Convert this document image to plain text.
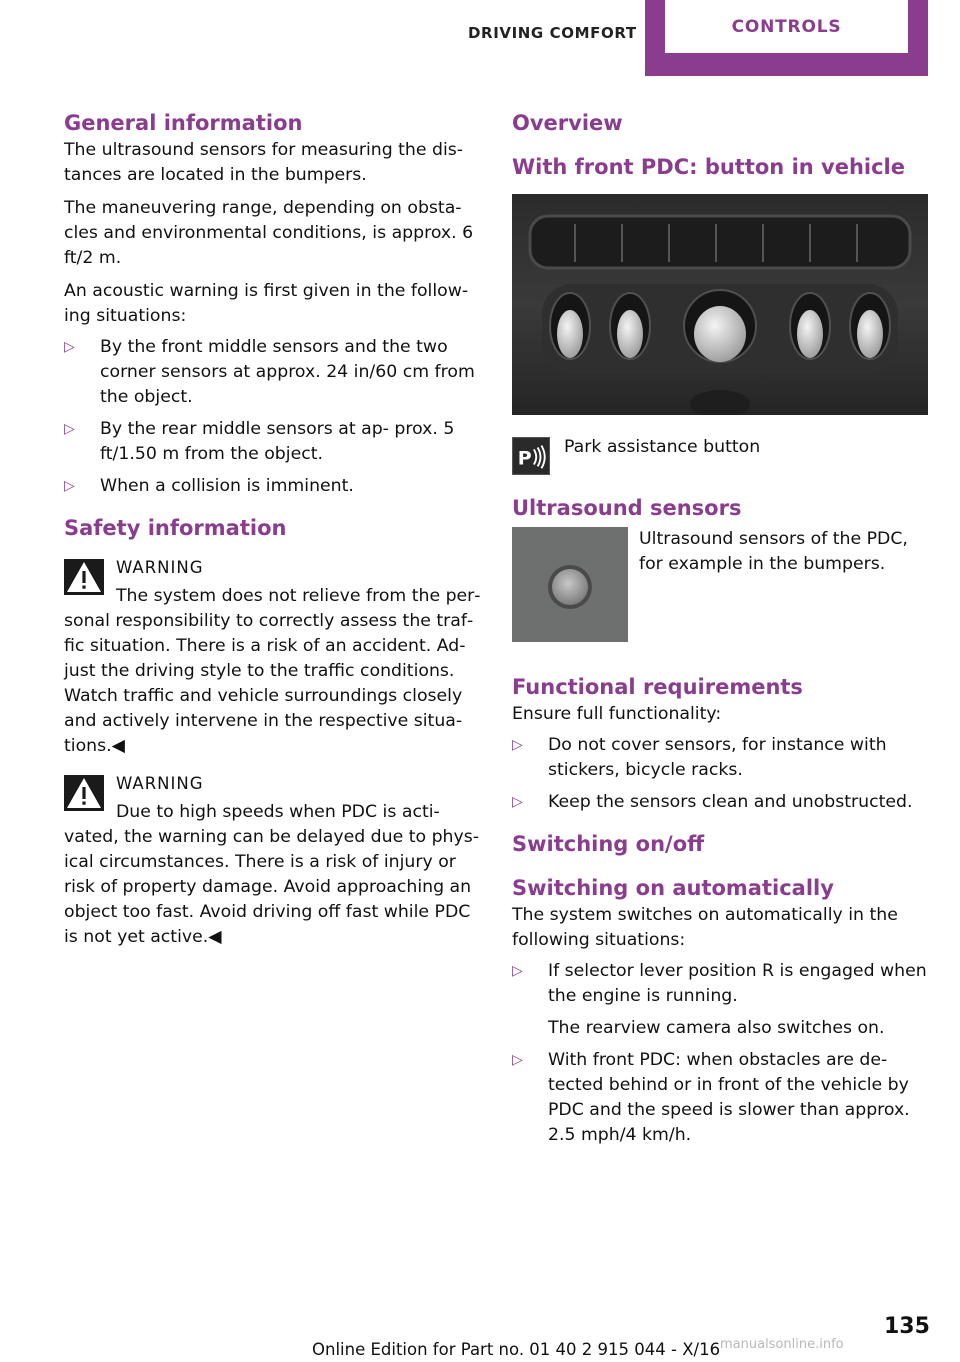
DRIVING COMFORT	CONTROLS
General information

The ultrasound sensors for measuring the dis‐ tances are located in the bumpers.

The maneuvering range, depending on obsta‐ cles and environmental conditions, is approx. 6 ft/2 m.

An acoustic warning is first given in the follow‐ ing situations:

▷ By the front middle sensors and the two corner sensors at approx. 24 in/60 cm from the object.
▷ By the rear middle sensors at ap‐ prox. 5 ft/1.50 m from the object.
▷ When a collision is imminent.
Safety information
WARNING
The system does not relieve from the per‐
sonal responsibility to correctly assess the traf‐ fic situation. There is a risk of an accident. Ad‐ just the driving style to the traffic conditions. Watch traffic and vehicle surroundings closely and actively intervene in the respective situa‐ tions.◀
WARNING
Due to high speeds when PDC is acti‐
vated, the warning can be delayed due to phys‐ ical circumstances. There is a risk of injury or risk of property damage. Avoid approaching an object too fast. Avoid driving off fast while PDC is not yet active.◀
Overview
With front PDC: button in vehicle
P
Park assistance button
Ultrasound sensors
Ultrasound sensors of the PDC, for example in the bumpers.
Functional requirements

Ensure full functionality:

▷ Do not cover sensors, for instance with stickers, bicycle racks.
▷ Keep the sensors clean and unobstructed.
Switching on/off
Switching on automatically

The system switches on automatically in the following situations:

▷ If selector lever position R is engaged when the engine is running.
The rearview camera also switches on.
▷ With front PDC: when obstacles are de‐ tected behind or in front of the vehicle by PDC and the speed is slower than approx. 2.5 mph/4 km/h.
135
Online Edition for Part no. 01 40 2 915 044 - X/16 manualsonline.info
